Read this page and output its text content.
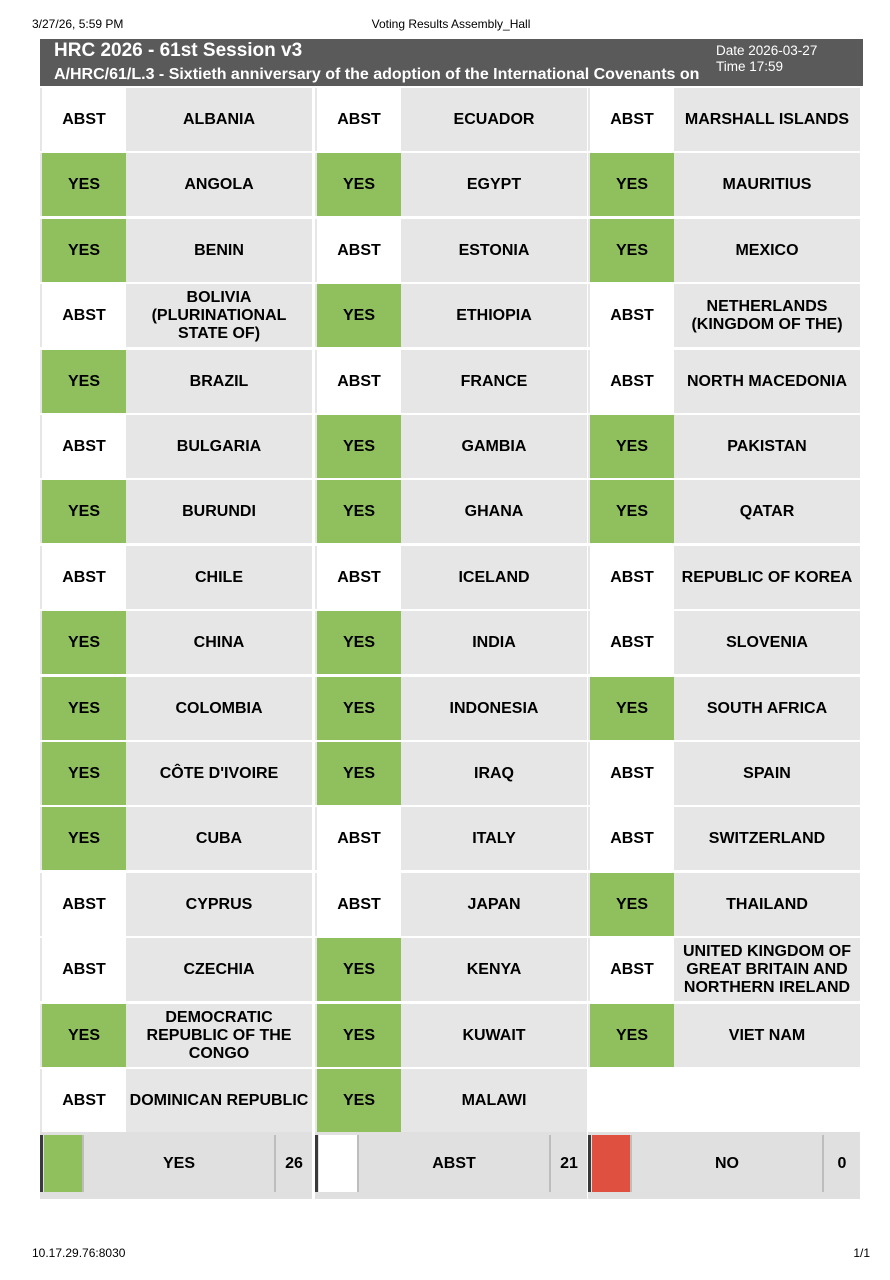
3/27/26, 5:59 PM	Voting Results Assembly_Hall
HRC 2026 - 61st Session v3
A/HRC/61/L.3 - Sixtieth anniversary of the adoption of the International Covenants on
Date 2026-03-27
Time 17:59
ABST	ALBANIA
YES	ANGOLA
YES	BENIN
ABST
BOLIVIA (PLURINATIONAL STATE OF)
YES	BRAZIL
ABST	BULGARIA
YES	BURUNDI
ABST	CHILE
YES	CHINA
YES	COLOMBIA
YES	CÔTE D'IVOIRE
YES	CUBA
ABST	CYPRUS
ABST	CZECHIA
YES
DEMOCRATIC REPUBLIC OF THE CONGO
ABST	DOMINICAN REPUBLIC
ABST	ECUADOR
YES	EGYPT
ABST	ESTONIA
YES	ETHIOPIA
ABST	FRANCE
YES	GAMBIA
YES	GHANA
ABST	ICELAND
YES	INDIA
YES	INDONESIA
YES	IRAQ
ABST	ITALY
ABST	JAPAN
YES	KENYA
YES	KUWAIT
YES	MALAWI
ABST	MARSHALL ISLANDS
YES	MAURITIUS
YES	MEXICO
ABST
NETHERLANDS (KINGDOM OF THE)
ABST	NORTH MACEDONIA
YES	PAKISTAN
YES	QATAR
ABST	REPUBLIC OF KOREA
ABST	SLOVENIA
YES	SOUTH AFRICA
ABST	SPAIN
ABST	SWITZERLAND
YES	THAILAND
ABST
UNITED KINGDOM OF GREAT BRITAIN AND NORTHERN IRELAND
YES	VIET NAM
YES	26	ABST	21	NO	0
10.17.29.76:8030	1/1
